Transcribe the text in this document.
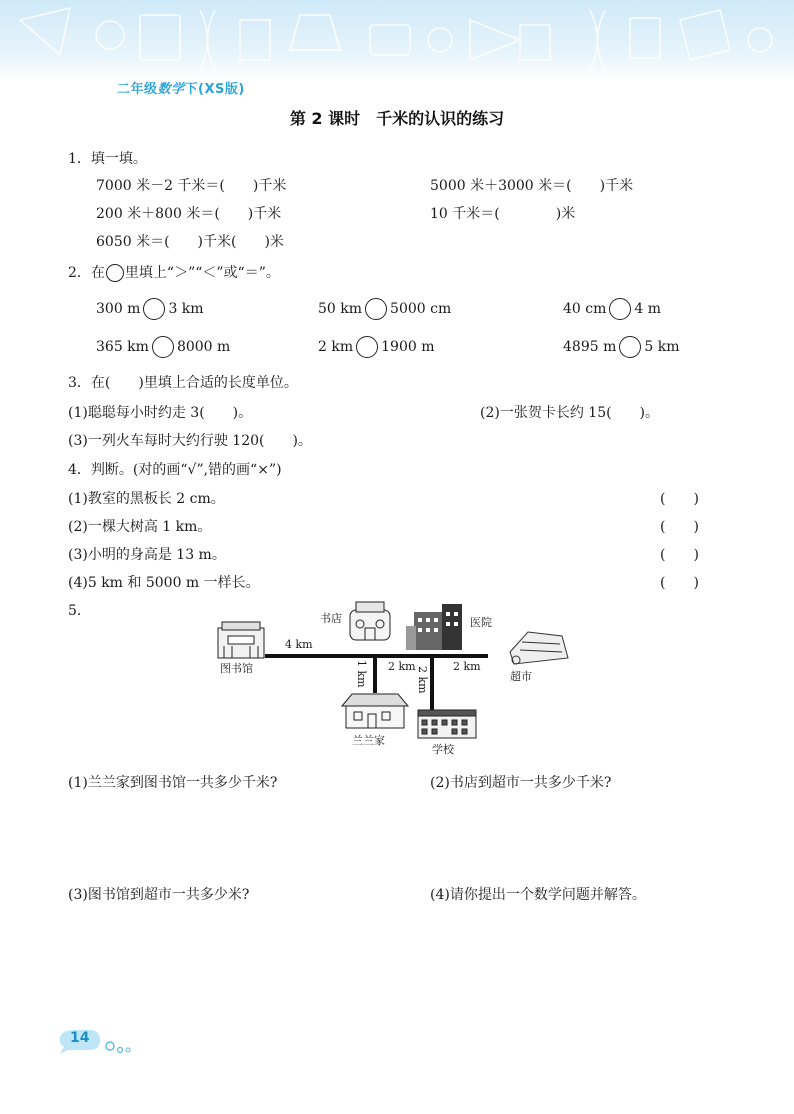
二年级数学下(XS版)
第 2 课时　千米的认识的练习
1．填一填。
7000 米－2 千米＝(　　)千米	5000 米＋3000 米＝(　　)千米
200 米＋800 米＝(　　)千米	10 千米＝(　　　　)米
6050 米＝(　　)千米(　　)米
2．在 里填上“＞”“＜”或“＝”。
300 m 3 km	50 km 5000 cm	40 cm 4 m
365 km 8000 m	2 km 1900 m	4895 m 5 km
3．在(　　)里填上合适的长度单位。
(1)聪聪每小时约走 3(　　)。	(2)一张贺卡长约 15(　　)。
(3)一列火车每时大约行驶 120(　　)。
4．判断。(对的画“√”,错的画“×”)
(1)教室的黑板长 2 cm。	(　　)
(2)一棵大树高 1 km。	(　　)
(3)小明的身高是 13 m。	(　　)
(4)5 km 和 5000 m 一样长。	(　　)
5．
图书馆
书店	医院
超市
兰兰家
学校
4 km
1 km 2 km 2 km 2 km
(1)兰兰家到图书馆一共多少千米?	(2)书店到超市一共多少千米?
(3)图书馆到超市一共多少米?	(4)请你提出一个数学问题并解答。
14
